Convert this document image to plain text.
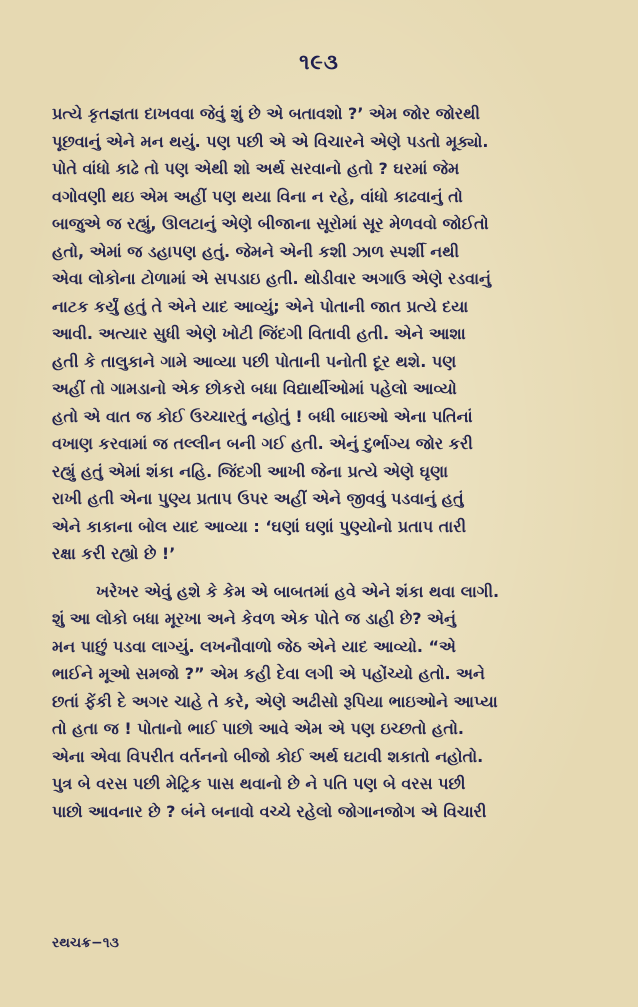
૧૯૩

પ્રત્યે કૃતજ્ઞતા દાખવવા જેવું શું છે એ બતાવશો ?’ એમ જોર જોરથી
પૂછવાનું એને મન થયું. પણ પછી એ એ વિચારને એણે પડતો મૂક્યો.
પોતે વાંધો કાઢે તો પણ એથી શો અર્થ સરવાનો હતો ? ઘરમાં જેમ
વગોવણી થઇ એમ અહીં પણ થયા વિના ન રહે, વાંધો કાઢવાનું તો
બાજુએ જ રહ્યું, ઊલટાનું એણે બીજાના સૂરોમાં સૂર મેળવવો જોઈતો
હતો, એમાં જ ડહાપણ હતું. જેમને એની કશી ઝાળ સ્પર્શી નથી
એવા લોકોના ટોળામાં એ સપડાઇ હતી. થોડીવાર અગાઉ એણે રડવાનું
નાટક કર્યું હતું તે એને યાદ આવ્યું; એને પોતાની જાત પ્રત્યે દયા
આવી. અત્યાર સુધી એણે ખોટી જિંદગી વિતાવી હતી. એને આશા
હતી કે તાલુકાને ગામે આવ્યા પછી પોતાની પનોતી દૂર થશે. પણ
અહીં તો ગામડાનો એક છોકરો બધા વિદ્યાર્થીઓમાં પહેલો આવ્યો
હતો એ વાત જ કોઈ ઉચ્ચારતું નહોતું ! બધી બાઇઓ એના પતિનાં
વખાણ કરવામાં જ તલ્લીન બની ગઈ હતી. એનું દુર્ભાગ્ય જોર કરી
રહ્યું હતું એમાં શંકા નહિ. જિંદગી આખી જેના પ્રત્યે એણે ઘૃણા
રાખી હતી એના પુણ્ય પ્રતાપ ઉપર અહીં એને જીવવું પડવાનું હતું
એને કાકાના બોલ યાદ આવ્યા : ‘ઘણાં ઘણાં પુણ્યોનો પ્રતાપ તારી
રક્ષા કરી રહ્યો છે !’

ખરેખર એવું હશે કે કેમ એ બાબતમાં હવે એને શંકા થવા લાગી.
શું આ લોકો બધા મૂરખા અને કેવળ એક પોતે જ ડાહી છે? એનું
મન પાછું પડવા લાગ્યું. લખનૌવાળો જેઠ એને યાદ આવ્યો. “એ
ભાઈને મૂઓ સમજો ?” એમ કહી દેવા લગી એ પહોંચ્યો હતો. અને
છતાં ફેંકી દે અગર ચાહે તે કરે, એણે અઢીસો રૂપિયા ભાઇઓને આપ્યા
તો હતા જ ! પોતાનો ભાઈ પાછો આવે એમ એ પણ ઇચ્છતો હતો.
એના એવા વિપરીત વર્તનનો બીજો કોઈ અર્થ ઘટાવી શકાતો નહોતો.
પુત્ર બે વરસ પછી મેટ્રિક પાસ થવાનો છે ને પતિ પણ બે વરસ પછી
પાછો આવનાર છે ? બંને બનાવો વચ્ચે રહેલો જોગાનજોગ એ વિચારી

રથચક્ર−૧૩
